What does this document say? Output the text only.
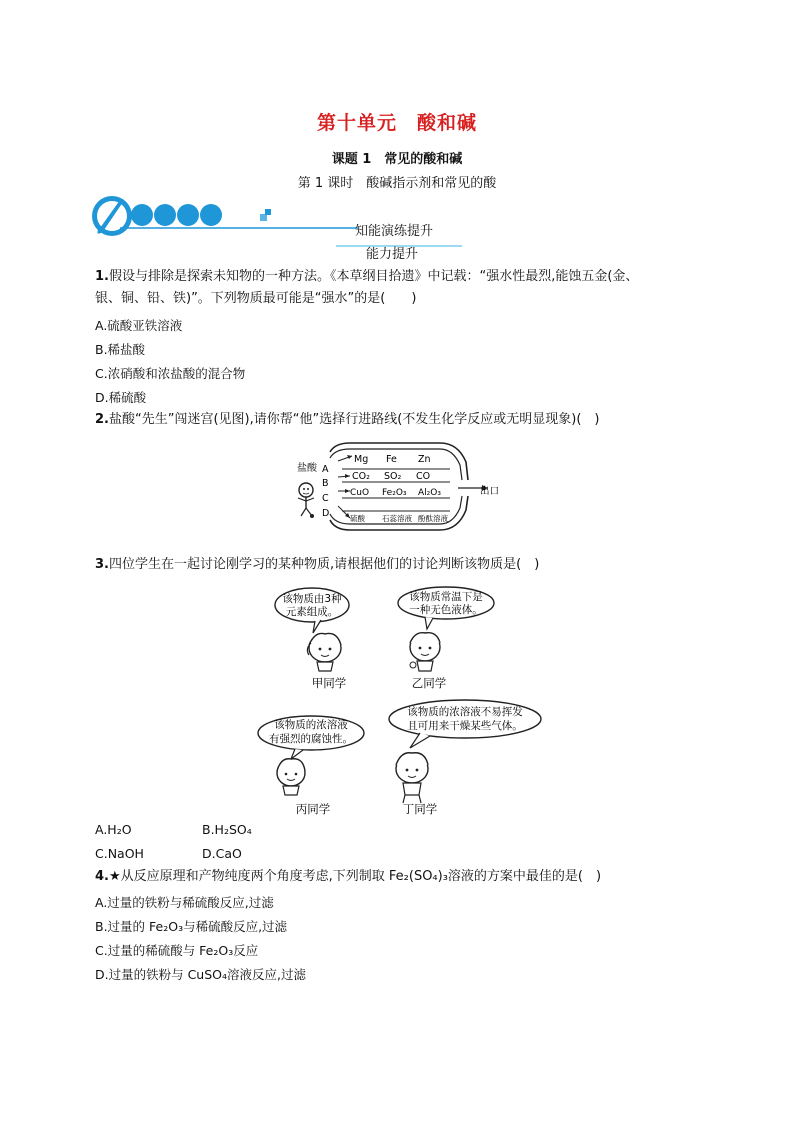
第十单元　酸和碱
课题 1　常见的酸和碱
第 1 课时　酸碱指示剂和常见的酸
知能演练提升
能力提升
1.假设与排除是探索未知物的一种方法。《本草纲目拾遗》中记载：“强水性最烈,能蚀五金(金、
银、铜、铅、铁)”。下列物质最可能是“强水”的是(　　)
A.硫酸亚铁溶液
B.稀盐酸
C.浓硝酸和浓盐酸的混合物
D.稀硫酸
2.盐酸“先生”闯迷宫(见图),请你帮“他”选择行进路线(不发生化学反应或无明显现象)(　)
盐酸 A
B
C
D
Mg Fe Zn
CO₂ SO₂ CO
CuO Fe₂O₃ Al₂O₃
硫酸 石蕊溶液 酚酞溶液
出口
3.四位学生在一起讨论刚学习的某种物质,请根据他们的讨论判断该物质是(　)
该物质由3种
元素组成。
甲同学
该物质常温下是
一种无色液体。
乙同学
该物质的浓溶液
有强烈的腐蚀性。
丙同学
该物质的浓溶液不易挥发
且可用来干燥某些气体。
丁同学
A.H₂O	B.H₂SO₄
C.NaOH	D.CaO
4.★从反应原理和产物纯度两个角度考虑,下列制取 Fe₂(SO₄)₃溶液的方案中最佳的是(　)
A.过量的铁粉与稀硫酸反应,过滤
B.过量的 Fe₂O₃与稀硫酸反应,过滤
C.过量的稀硫酸与 Fe₂O₃反应
D.过量的铁粉与 CuSO₄溶液反应,过滤
